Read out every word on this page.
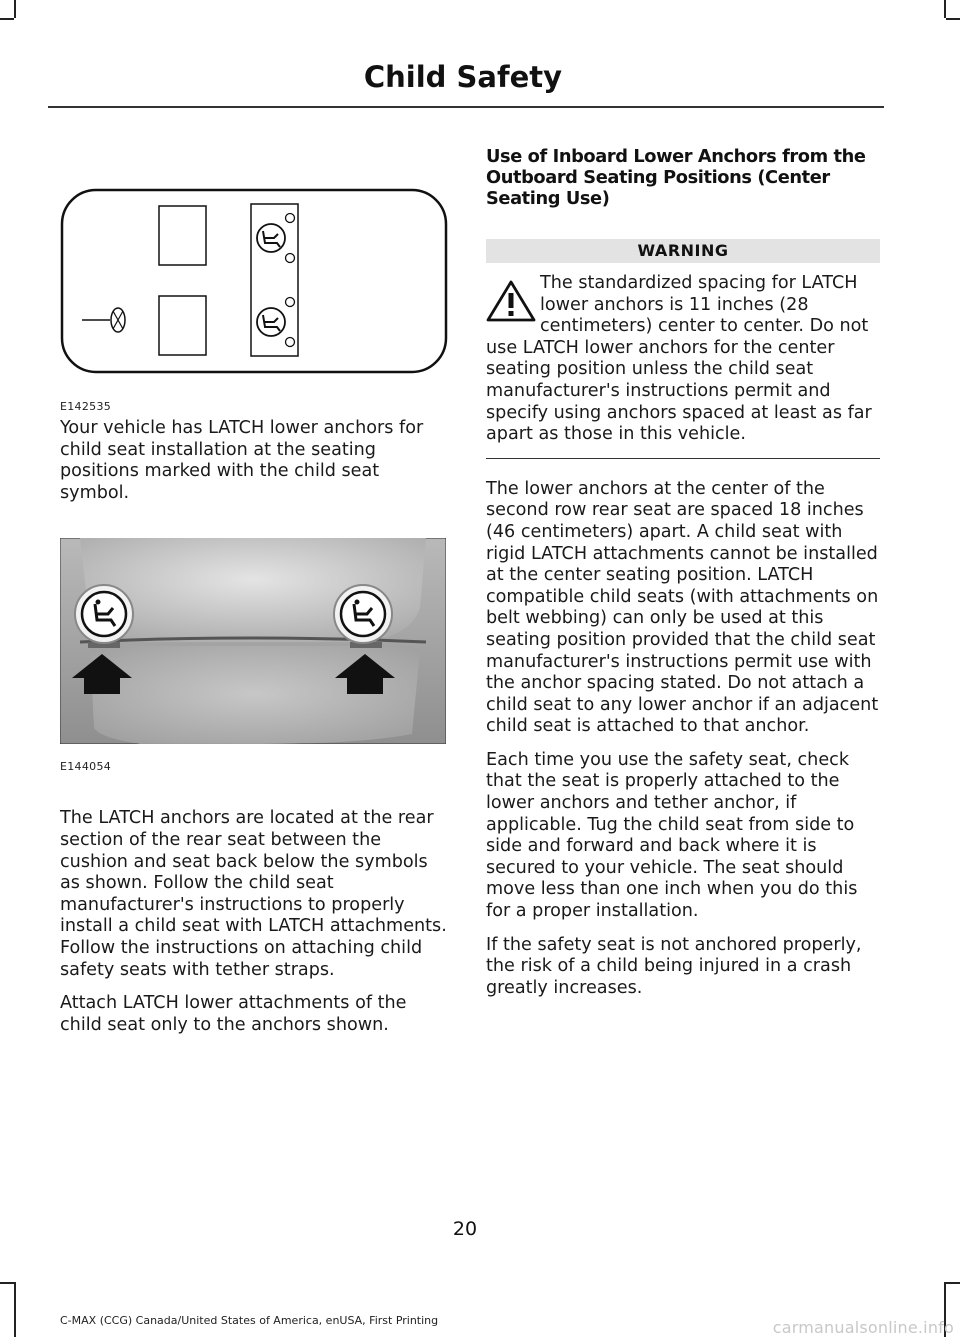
Child Safety
E142535

Your vehicle has LATCH lower anchors for child seat installation at the seating positions marked with the child seat symbol.

E144054

The LATCH anchors are located at the rear section of the rear seat between the cushion and seat back below the symbols as shown. Follow the child seat manufacturer's instructions to properly install a child seat with LATCH attachments. Follow the instructions on attaching child safety seats with tether straps.

Attach LATCH lower attachments of the child seat only to the anchors shown.

Use of Inboard Lower Anchors from the Outboard Seating Positions (Center Seating Use)
WARNING
The standardized spacing for LATCH lower anchors is 11 inches (28 centimeters) center to center. Do not use LATCH lower anchors for the center seating position unless the child seat manufacturer's instructions permit and specify using anchors spaced at least as far apart as those in this vehicle.

The lower anchors at the center of the second row rear seat are spaced 18 inches (46 centimeters) apart. A child seat with rigid LATCH attachments cannot be installed at the center seating position. LATCH compatible child seats (with attachments on belt webbing) can only be used at this seating position provided that the child seat manufacturer's instructions permit use with the anchor spacing stated. Do not attach a child seat to any lower anchor if an adjacent child seat is attached to that anchor.

Each time you use the safety seat, check that the seat is properly attached to the lower anchors and tether anchor, if applicable. Tug the child seat from side to side and forward and back where it is secured to your vehicle. The seat should move less than one inch when you do this for a proper installation.

If the safety seat is not anchored properly, the risk of a child being injured in a crash greatly increases.

20
C-MAX (CCG) Canada/United States of America, enUSA, First Printing	carmanualsonline.info
